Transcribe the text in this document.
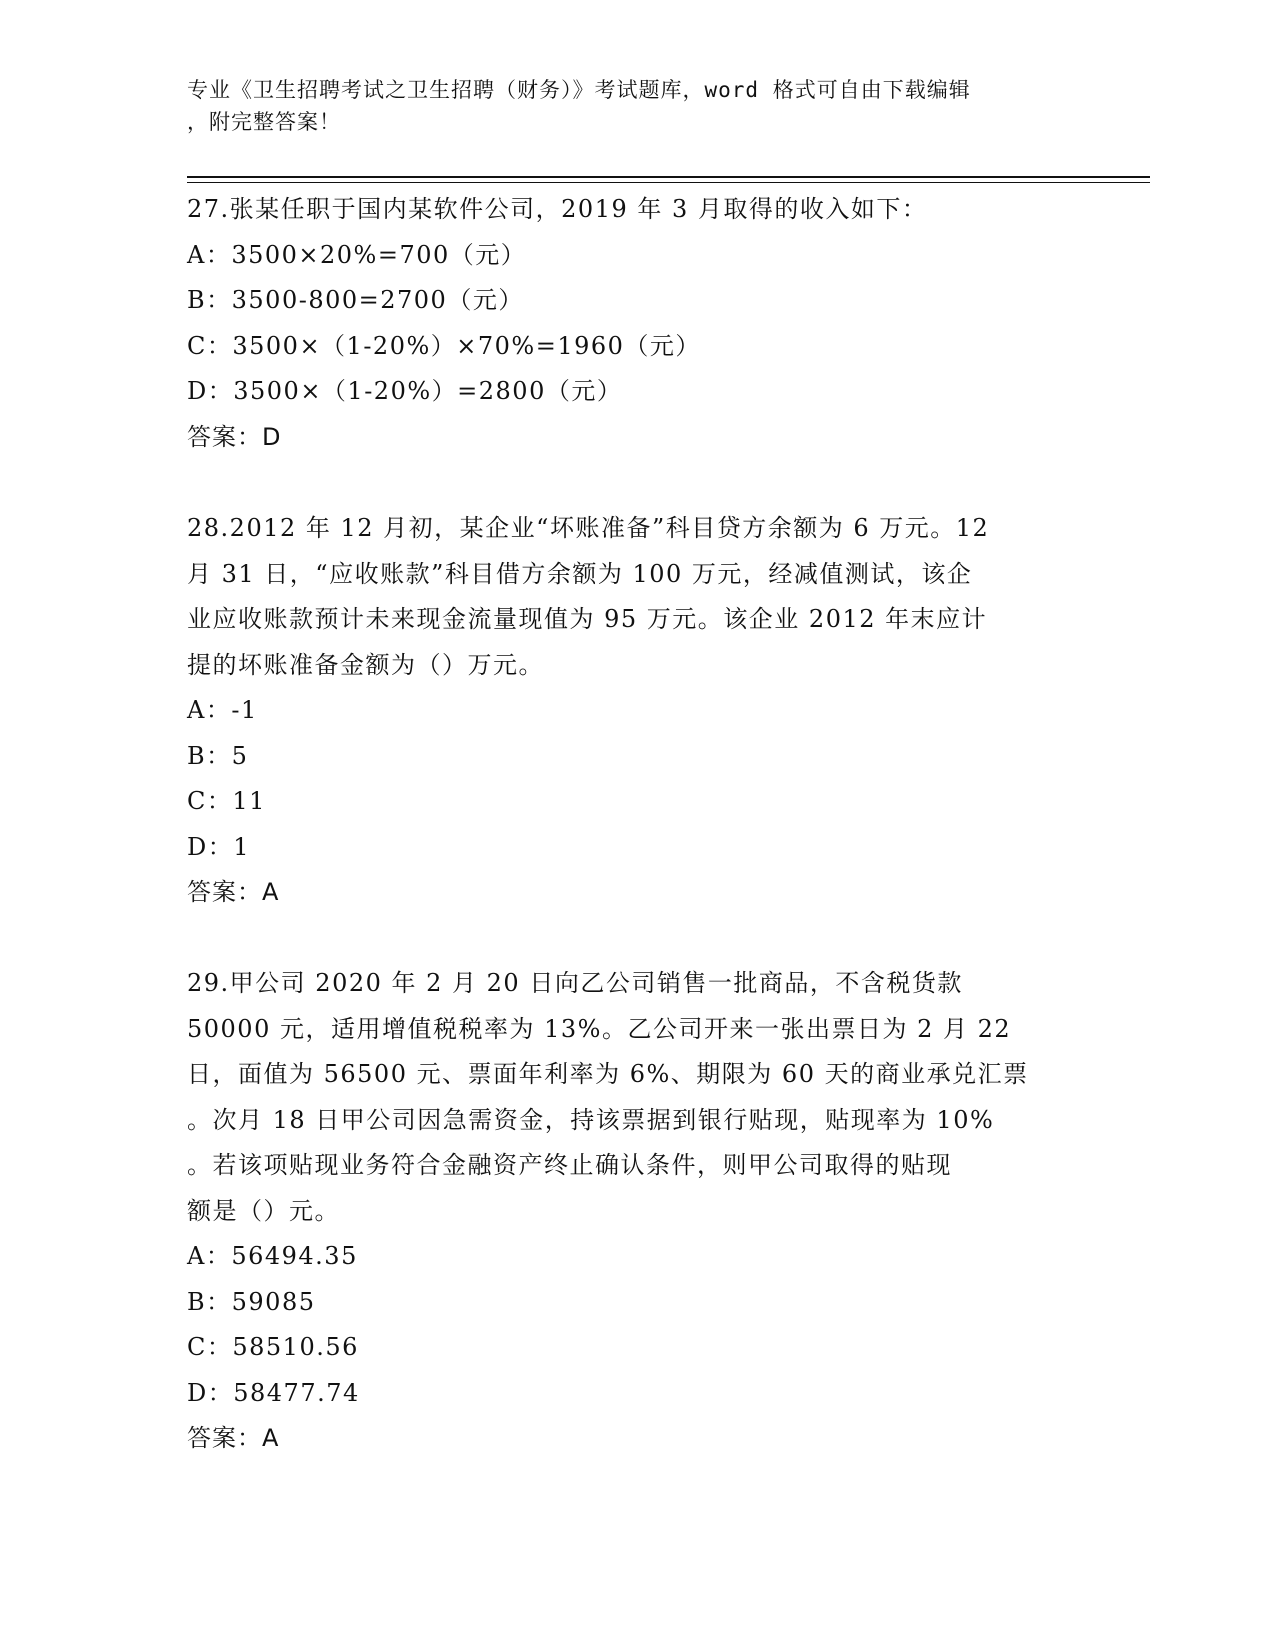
专业《卫生招聘考试之卫生招聘（财务）》考试题库，word 格式可自由下载编辑
，附完整答案！
27.张某任职于国内某软件公司，2019 年 3 月取得的收入如下：
A：3500×20%=700（元）
B：3500-800=2700（元）
C：3500×（1-20%）×70%=1960（元）
D：3500×（1-20%）=2800（元）
答案：D
28.2012 年 12 月初，某企业“坏账准备”科目贷方余额为 6 万元。12
月 31 日，“应收账款”科目借方余额为 100 万元，经减值测试，该企
业应收账款预计未来现金流量现值为 95 万元。该企业 2012 年末应计
提的坏账准备金额为（）万元。
A：-1
B：5
C：11
D：1
答案：A
29.甲公司 2020 年 2 月 20 日向乙公司销售一批商品，不含税货款
50000 元，适用增值税税率为 13%。乙公司开来一张出票日为 2 月 22
日，面值为 56500 元、票面年利率为 6%、期限为 60 天的商业承兑汇票
。次月 18 日甲公司因急需资金，持该票据到银行贴现，贴现率为 10%
。若该项贴现业务符合金融资产终止确认条件，则甲公司取得的贴现
额是（）元。
A：56494.35
B：59085
C：58510.56
D：58477.74
答案：A
